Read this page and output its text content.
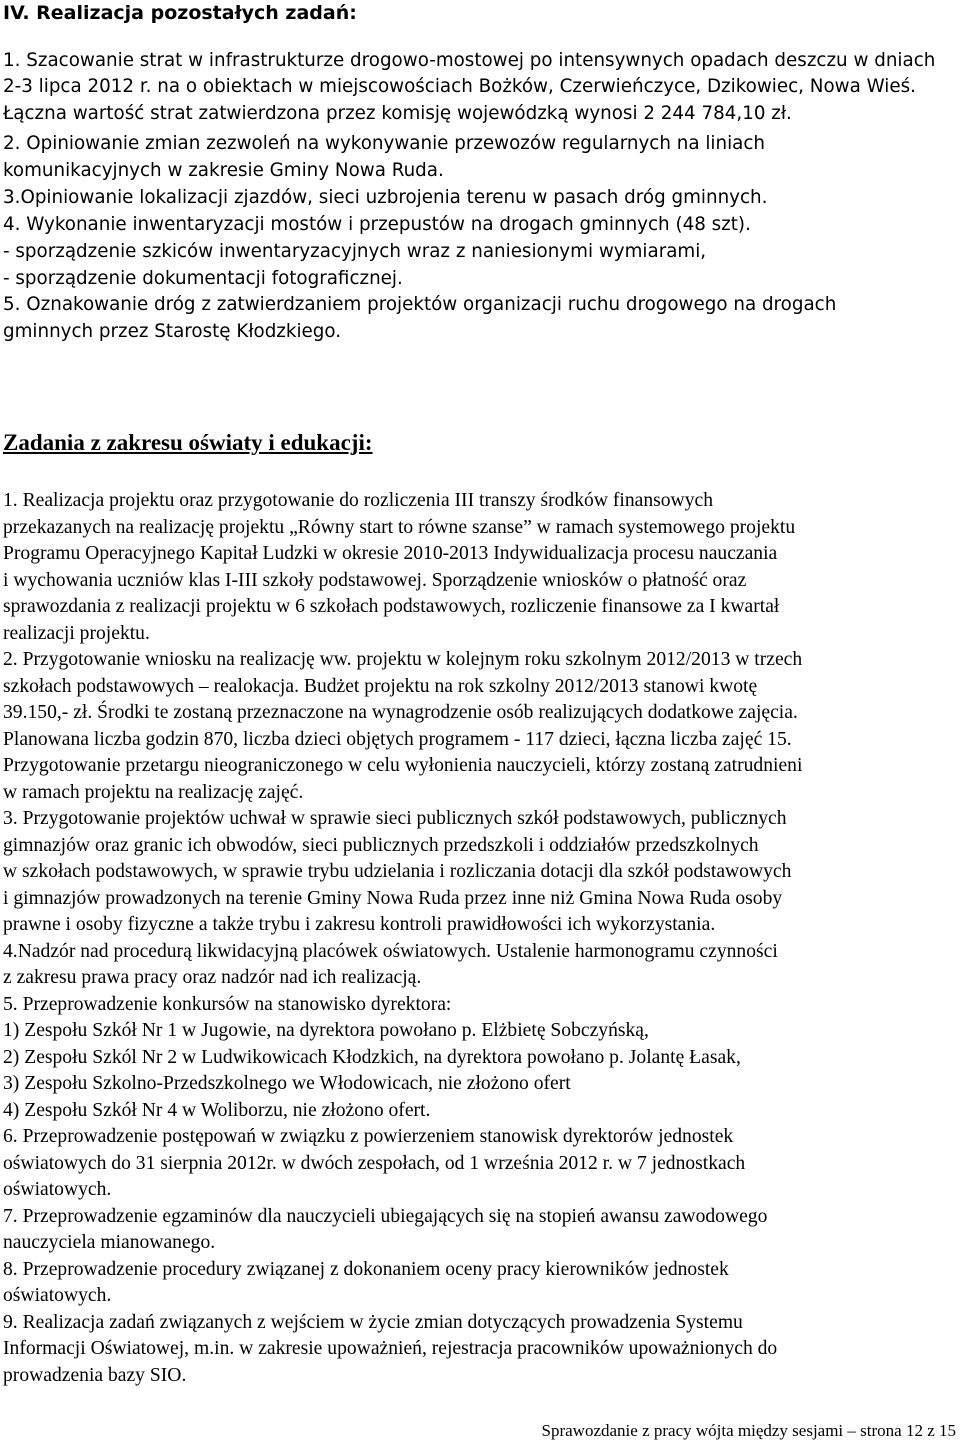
IV. Realizacja pozostałych zadań:
1. Szacowanie strat w infrastrukturze drogowo-mostowej po intensywnych opadach deszczu w dniach
2-3 lipca 2012 r. na o obiektach w miejscowościach Bożków, Czerwieńczyce, Dzikowiec, Nowa Wieś.
Łączna wartość strat zatwierdzona przez komisję wojewódzką wynosi 2 244 784,10 zł.
2. Opiniowanie zmian zezwoleń na wykonywanie przewozów regularnych na liniach
komunikacyjnych w zakresie Gminy Nowa Ruda.
3.Opiniowanie lokalizacji zjazdów, sieci uzbrojenia terenu w pasach dróg gminnych.
4. Wykonanie inwentaryzacji mostów i przepustów na drogach gminnych (48 szt).
- sporządzenie szkiców inwentaryzacyjnych wraz z naniesionymi wymiarami,
- sporządzenie dokumentacji fotograficznej.
5. Oznakowanie dróg z zatwierdzaniem projektów organizacji ruchu drogowego na drogach
gminnych przez Starostę Kłodzkiego.
Zadania z zakresu oświaty i edukacji:
1. Realizacja projektu oraz przygotowanie do rozliczenia III transzy środków finansowych
przekazanych na realizację projektu „Równy start to równe szanse” w ramach systemowego projektu
Programu Operacyjnego Kapitał Ludzki w okresie 2010-2013 Indywidualizacja procesu nauczania
i wychowania uczniów klas I-III szkoły podstawowej. Sporządzenie wniosków o płatność oraz
sprawozdania z realizacji projektu w 6 szkołach podstawowych, rozliczenie finansowe za I kwartał
realizacji projektu.
2. Przygotowanie wniosku na realizację ww. projektu w kolejnym roku szkolnym 2012/2013 w trzech
szkołach podstawowych – realokacja. Budżet projektu na rok szkolny 2012/2013 stanowi kwotę
39.150,- zł. Środki te zostaną przeznaczone na wynagrodzenie osób realizujących dodatkowe zajęcia.
Planowana liczba godzin 870, liczba dzieci objętych programem - 117 dzieci, łączna liczba zajęć 15.
Przygotowanie przetargu nieograniczonego w celu wyłonienia nauczycieli, którzy zostaną zatrudnieni
w ramach projektu na realizację zajęć.
3. Przygotowanie projektów uchwał w sprawie sieci publicznych szkół podstawowych, publicznych
gimnazjów oraz granic ich obwodów, sieci publicznych przedszkoli i oddziałów przedszkolnych
w szkołach podstawowych, w sprawie trybu udzielania i rozliczania dotacji dla szkół podstawowych
i gimnazjów prowadzonych na terenie Gminy Nowa Ruda przez inne niż Gmina Nowa Ruda osoby
prawne i osoby fizyczne a także trybu i zakresu kontroli prawidłowości ich wykorzystania.
4.Nadzór nad procedurą likwidacyjną placówek oświatowych. Ustalenie harmonogramu czynności
z zakresu prawa pracy oraz nadzór nad ich realizacją.
5. Przeprowadzenie konkursów na stanowisko dyrektora:
1) Zespołu Szkół Nr 1 w Jugowie, na dyrektora powołano p. Elżbietę Sobczyńską,
2) Zespołu Szkól Nr 2 w Ludwikowicach Kłodzkich, na dyrektora powołano p. Jolantę Łasak,
3) Zespołu Szkolno-Przedszkolnego we Włodowicach, nie złożono ofert
4) Zespołu Szkół Nr 4 w Woliborzu, nie złożono ofert.
6. Przeprowadzenie postępowań w związku z powierzeniem stanowisk dyrektorów jednostek
oświatowych do 31 sierpnia 2012r. w dwóch zespołach, od 1 września 2012 r. w 7 jednostkach
oświatowych.
7. Przeprowadzenie egzaminów dla nauczycieli ubiegających się na stopień awansu zawodowego
nauczyciela mianowanego.
8. Przeprowadzenie procedury związanej z dokonaniem oceny pracy kierowników jednostek
oświatowych.
9. Realizacja zadań związanych z wejściem w życie zmian dotyczących prowadzenia Systemu
Informacji Oświatowej, m.in. w zakresie upoważnień, rejestracja pracowników upoważnionych do
prowadzenia bazy SIO.
Sprawozdanie z pracy wójta między sesjami – strona 12 z 15
